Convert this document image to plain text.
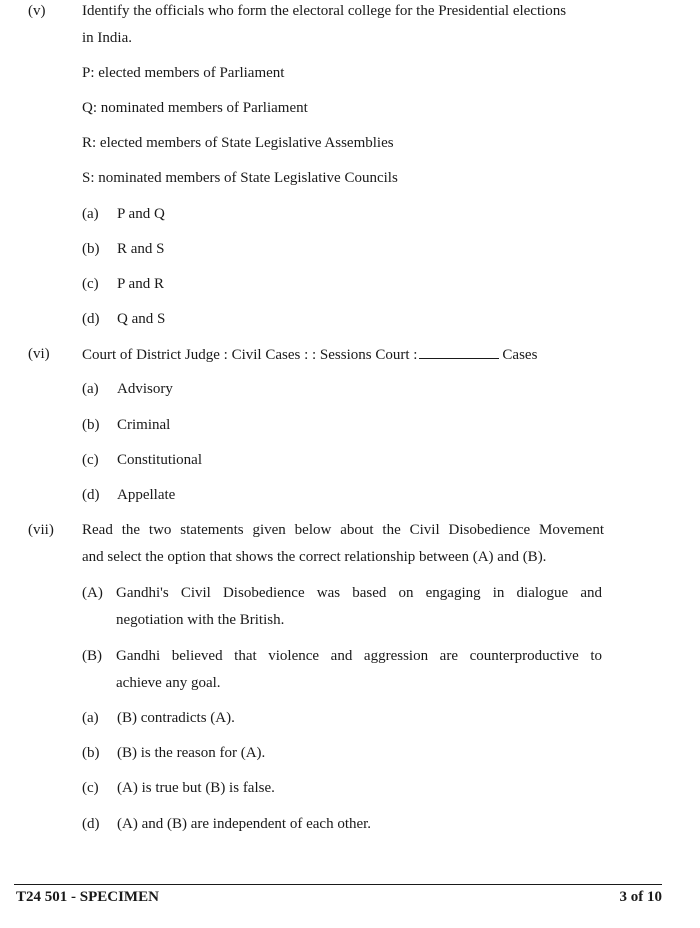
(v) Identify the officials who form the electoral college for the Presidential elections
in India.
P: elected members of Parliament
Q: nominated members of Parliament
R: elected members of State Legislative Assemblies
S: nominated members of State Legislative Councils
(a) P and Q
(b) R and S
(c) P and R
(d) Q and S
(vi) Court of District Judge : Civil Cases : : Sessions Court :	Cases
(a) Advisory
(b) Criminal
(c) Constitutional
(d) Appellate
(vii) Read the two statements given below about the Civil Disobedience Movement
and select the option that shows the correct relationship between (A) and (B).
(A) Gandhi's Civil Disobedience was based on engaging in dialogue and
negotiation with the British.
(B) Gandhi believed that violence and aggression are counterproductive to
achieve any goal.
(a) (B) contradicts (A).
(b) (B) is the reason for (A).
(c) (A) is true but (B) is false.
(d) (A) and (B) are independent of each other.
T24 501 - SPECIMEN	3 of 10
